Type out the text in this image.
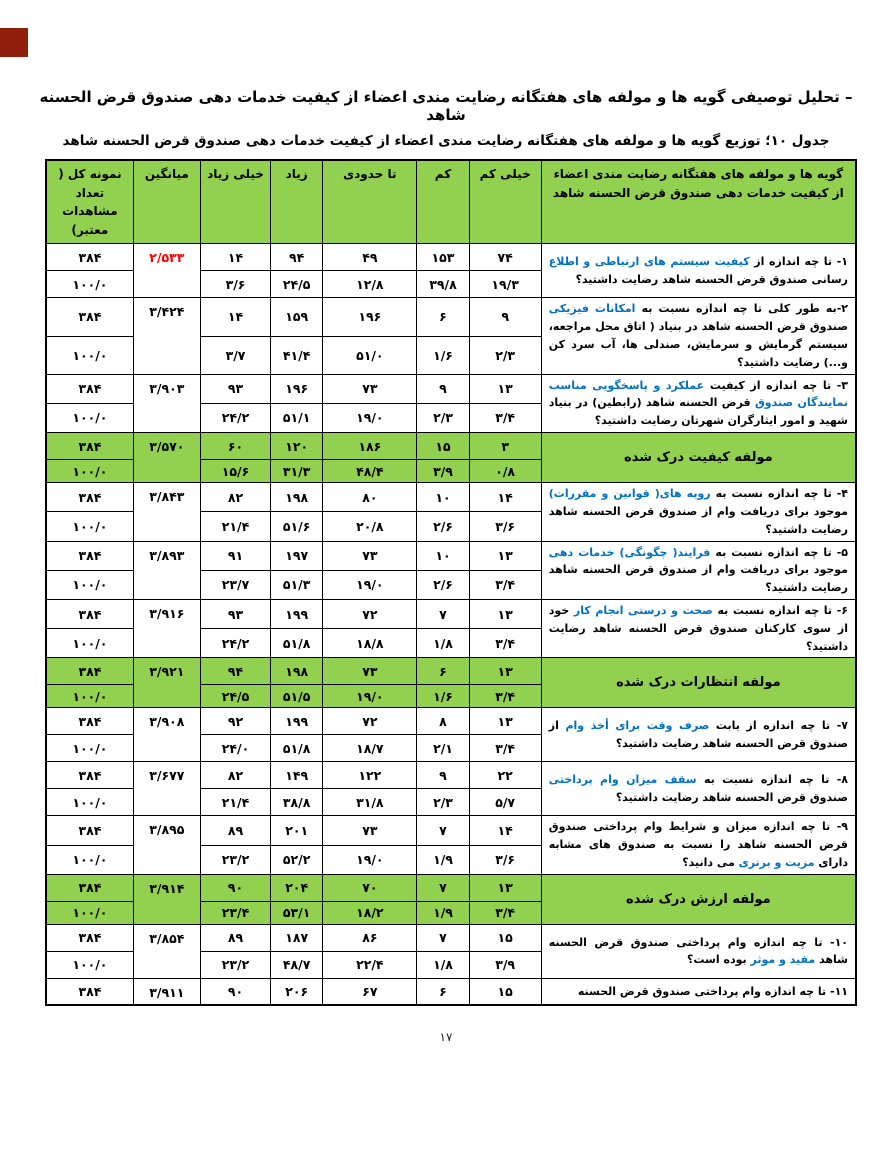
– تحلیل توصیفی گویه ها و مولفه های هفتگانه رضایت مندی اعضاء از کیفیت خدمات دهی صندوق قرض الحسنه شاهد
جدول ۱۰؛ توزیع گویه ها و مولفه های هفتگانه رضایت مندی اعضاء از کیفیت خدمات دهی صندوق قرض الحسنه شاهد
گویه ها و مولفه های هفتگانه رضایت مندی اعضاء از کیفیت خدمات دهی صندوق قرض الحسنه شاهد	خیلی کم	کم	تا حدودی	زیاد	خیلی زیاد	میانگین	نمونه کل ( تعداد مشاهدات معتبر)
۱- تا چه اندازه از کیفیت سیستم های ارتباطی و اطلاع رسانی صندوق قرض الحسنه شاهد رضایت داشتید؟	۷۴	۱۵۳	۴۹	۹۴	۱۴	۲/۵۳۳	۳۸۴
	۱۹/۳	۳۹/۸	۱۲/۸	۲۴/۵	۳/۶		۱۰۰/۰
۲-به طور کلی تا چه اندازه نسبت به امکانات فیزیکی صندوق قرض الحسنه شاهد در بنیاد ( اتاق محل مراجعه، سیستم گرمایش و سرمایش، صندلی ها، آب سرد کن و...) رضایت داشتید؟	۹	۶	۱۹۶	۱۵۹	۱۴	۳/۴۲۴	۳۸۴
	۲/۳	۱/۶	۵۱/۰	۴۱/۴	۳/۷		۱۰۰/۰
۳- تا چه اندازه از کیفیت عملکرد و پاسخگویی مناسب نمایندگان صندوق قرض الحسنه شاهد (رابطین) در بنیاد شهید و امور ایثارگران شهرتان رضایت داشتید؟	۱۳	۹	۷۳	۱۹۶	۹۳	۳/۹۰۳	۳۸۴
	۳/۴	۲/۳	۱۹/۰	۵۱/۱	۲۴/۲		۱۰۰/۰
مولفه کیفیت درک شده	۳	۱۵	۱۸۶	۱۲۰	۶۰	۳/۵۷۰	۳۸۴
	۰/۸	۳/۹	۴۸/۴	۳۱/۳	۱۵/۶		۱۰۰/۰
۴- تا چه اندازه نسبت به رویه های( قوانین و مقررات) موجود برای دریافت وام از صندوق قرض الحسنه شاهد رضایت داشتید؟	۱۴	۱۰	۸۰	۱۹۸	۸۲	۳/۸۴۳	۳۸۴
	۳/۶	۲/۶	۲۰/۸	۵۱/۶	۲۱/۴		۱۰۰/۰
۵- تا چه اندازه نسبت به فرایند( چگونگی) خدمات دهی موجود برای دریافت وام از صندوق قرض الحسنه شاهد رضایت داشتید؟	۱۳	۱۰	۷۳	۱۹۷	۹۱	۳/۸۹۳	۳۸۴
	۳/۴	۲/۶	۱۹/۰	۵۱/۳	۲۳/۷		۱۰۰/۰
۶- تا چه اندازه نسبت به صحت و درستی انجام کار خود از سوی کارکنان صندوق قرض الحسنه شاهد رضایت داشتید؟	۱۳	۷	۷۲	۱۹۹	۹۳	۳/۹۱۶	۳۸۴
	۳/۴	۱/۸	۱۸/۸	۵۱/۸	۲۴/۲		۱۰۰/۰
مولفه انتظارات درک شده	۱۳	۶	۷۳	۱۹۸	۹۴	۳/۹۲۱	۳۸۴
	۳/۴	۱/۶	۱۹/۰	۵۱/۵	۲۴/۵		۱۰۰/۰
۷- تا چه اندازه از بابت صرف وقت برای أخذ وام از صندوق قرض الحسنه شاهد رضایت داشتید؟	۱۳	۸	۷۲	۱۹۹	۹۲	۳/۹۰۸	۳۸۴
	۳/۴	۲/۱	۱۸/۷	۵۱/۸	۲۴/۰		۱۰۰/۰
۸- تا چه اندازه نسبت به سقف میزان وام پرداختی صندوق قرض الحسنه شاهد رضایت داشتید؟	۲۲	۹	۱۲۲	۱۴۹	۸۲	۳/۶۷۷	۳۸۴
	۵/۷	۲/۳	۳۱/۸	۳۸/۸	۲۱/۴		۱۰۰/۰
۹- تا چه اندازه میزان و شرایط وام پرداختی صندوق قرض الحسنه شاهد را نسبت به صندوق های مشابه دارای مزیت و برتری می دانید؟	۱۴	۷	۷۳	۲۰۱	۸۹	۳/۸۹۵	۳۸۴
	۳/۶	۱/۹	۱۹/۰	۵۲/۲	۲۳/۲		۱۰۰/۰
مولفه ارزش درک شده	۱۳	۷	۷۰	۲۰۴	۹۰	۳/۹۱۴	۳۸۴
	۳/۴	۱/۹	۱۸/۲	۵۳/۱	۲۳/۴		۱۰۰/۰
۱۰- تا چه اندازه وام پرداختی صندوق قرض الحسنه شاهد مفید و موثر بوده است؟	۱۵	۷	۸۶	۱۸۷	۸۹	۳/۸۵۴	۳۸۴
	۳/۹	۱/۸	۲۲/۴	۴۸/۷	۲۳/۲		۱۰۰/۰
۱۱- تا چه اندازه وام پرداختی صندوق قرض الحسنه	۱۵	۶	۶۷	۲۰۶	۹۰	۳/۹۱۱	۳۸۴
۱۷
